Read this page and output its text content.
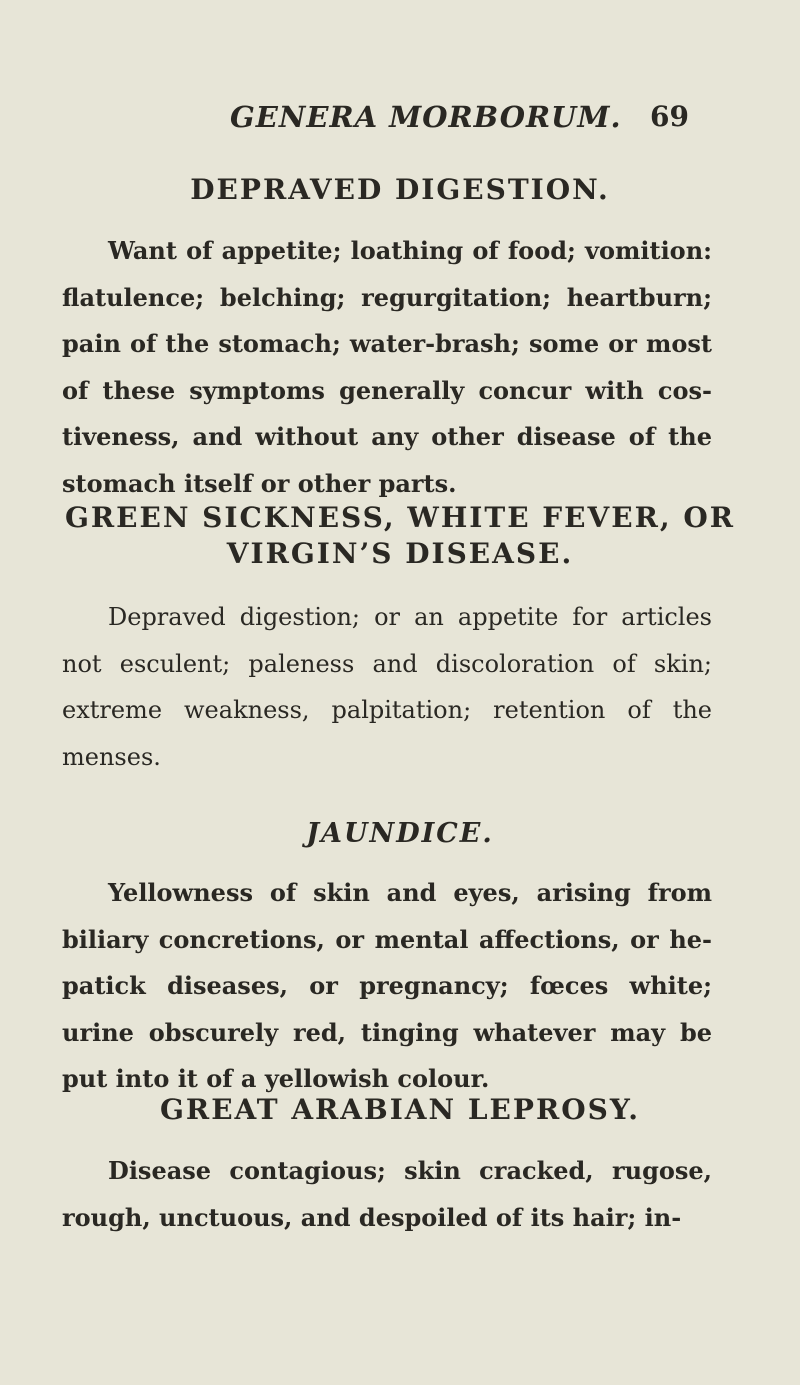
GENERA MORBORUM. 69
DEPRAVED DIGESTION.

Want of appetite; loathing of food; vomition: flatulence; belching; regurgitation; heartburn; pain of the stomach; water-brash; some or most of these symptoms generally concur with cos-tiveness, and without any other disease of the stomach itself or other parts.

GREEN SICKNESS, WHITE FEVER, OR
VIRGIN’S DISEASE.

Depraved digestion; or an appetite for articles not esculent; paleness and discoloration of skin; extreme weakness, palpitation; retention of the menses.

JAUNDICE.

Yellowness of skin and eyes, arising from biliary concretions, or mental affections, or he-patick diseases, or pregnancy; fœces white; urine obscurely red, tinging whatever may be put into it of a yellowish colour.

GREAT ARABIAN LEPROSY.

Disease contagious; skin cracked, rugose, rough, unctuous, and despoiled of its hair; in-
